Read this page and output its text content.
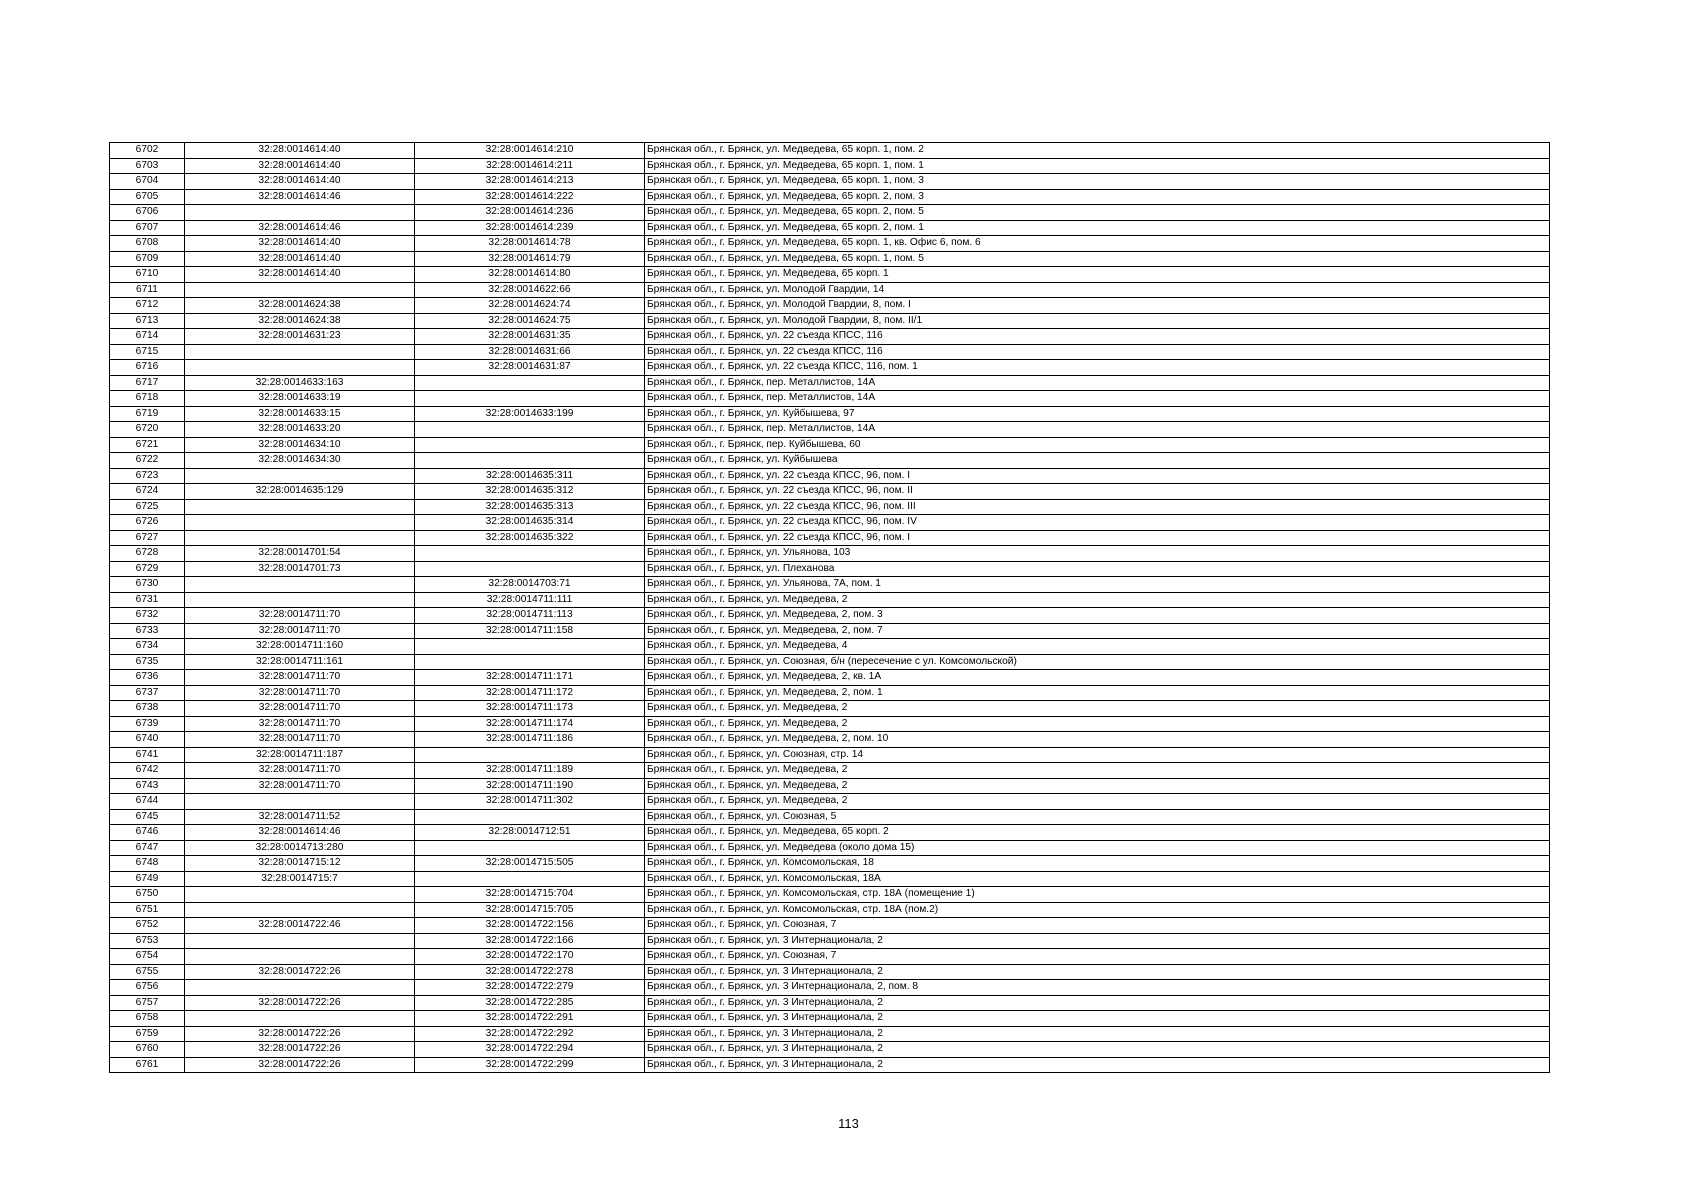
6702	32:28:0014614:40	32:28:0014614:210	Брянская обл., г. Брянск, ул. Медведева, 65 корп. 1, пом. 2
6703	32:28:0014614:40	32:28:0014614:211	Брянская обл., г. Брянск, ул. Медведева, 65 корп. 1, пом. 1
6704	32:28:0014614:40	32:28:0014614:213	Брянская обл., г. Брянск, ул. Медведева, 65 корп. 1, пом. 3
6705	32:28:0014614:46	32:28:0014614:222	Брянская обл., г. Брянск, ул. Медведева, 65 корп. 2, пом. 3
6706		32:28:0014614:236	Брянская обл., г. Брянск, ул. Медведева, 65 корп. 2, пом. 5
6707	32:28:0014614:46	32:28:0014614:239	Брянская обл., г. Брянск, ул. Медведева, 65 корп. 2, пом. 1
6708	32:28:0014614:40	32:28:0014614:78	Брянская обл., г. Брянск, ул. Медведева, 65 корп. 1, кв. Офис 6, пом. 6
6709	32:28:0014614:40	32:28:0014614:79	Брянская обл., г. Брянск, ул. Медведева, 65 корп. 1, пом. 5
6710	32:28:0014614:40	32:28:0014614:80	Брянская обл., г. Брянск, ул. Медведева, 65 корп. 1
6711		32:28:0014622:66	Брянская обл., г. Брянск, ул. Молодой Гвардии, 14
6712	32:28:0014624:38	32:28:0014624:74	Брянская обл., г. Брянск, ул. Молодой Гвардии, 8, пом. I
6713	32:28:0014624:38	32:28:0014624:75	Брянская обл., г. Брянск, ул. Молодой Гвардии, 8, пом. II/1
6714	32:28:0014631:23	32:28:0014631:35	Брянская обл., г. Брянск, ул. 22 съезда КПСС, 116
6715		32:28:0014631:66	Брянская обл., г. Брянск, ул. 22 съезда КПСС, 116
6716		32:28:0014631:87	Брянская обл., г. Брянск, ул. 22 съезда КПСС, 116, пом. 1
6717	32:28:0014633:163		Брянская обл., г. Брянск, пер. Металлистов, 14А
6718	32:28:0014633:19		Брянская обл., г. Брянск, пер. Металлистов, 14А
6719	32:28:0014633:15	32:28:0014633:199	Брянская обл., г. Брянск, ул. Куйбышева, 97
6720	32:28:0014633:20		Брянская обл., г. Брянск, пер. Металлистов, 14А
6721	32:28:0014634:10		Брянская обл., г. Брянск, пер. Куйбышева, 60
6722	32:28:0014634:30		Брянская обл., г. Брянск, ул. Куйбышева
6723		32:28:0014635:311	Брянская обл., г. Брянск, ул. 22 съезда КПСС, 96, пом. I
6724	32:28:0014635:129	32:28:0014635:312	Брянская обл., г. Брянск, ул. 22 съезда КПСС, 96, пом. II
6725		32:28:0014635:313	Брянская обл., г. Брянск, ул. 22 съезда КПСС, 96, пом. III
6726		32:28:0014635:314	Брянская обл., г. Брянск, ул. 22 съезда КПСС, 96, пом. IV
6727		32:28:0014635:322	Брянская обл., г. Брянск, ул. 22 съезда КПСС, 96, пом. I
6728	32:28:0014701:54		Брянская обл., г. Брянск, ул. Ульянова, 103
6729	32:28:0014701:73		Брянская обл., г. Брянск, ул. Плеханова
6730		32:28:0014703:71	Брянская обл., г. Брянск, ул. Ульянова, 7А, пом. 1
6731		32:28:0014711:111	Брянская обл., г. Брянск, ул. Медведева, 2
6732	32:28:0014711:70	32:28:0014711:113	Брянская обл., г. Брянск, ул. Медведева, 2, пом. 3
6733	32:28:0014711:70	32:28:0014711:158	Брянская обл., г. Брянск, ул. Медведева, 2, пом. 7
6734	32:28:0014711:160		Брянская обл., г. Брянск, ул. Медведева, 4
6735	32:28:0014711:161		Брянская обл., г. Брянск, ул. Союзная, б/н (пересечение с ул. Комсомольской)
6736	32:28:0014711:70	32:28:0014711:171	Брянская обл., г. Брянск, ул. Медведева, 2, кв. 1А
6737	32:28:0014711:70	32:28:0014711:172	Брянская обл., г. Брянск, ул. Медведева, 2, пом. 1
6738	32:28:0014711:70	32:28:0014711:173	Брянская обл., г. Брянск, ул. Медведева, 2
6739	32:28:0014711:70	32:28:0014711:174	Брянская обл., г. Брянск, ул. Медведева, 2
6740	32:28:0014711:70	32:28:0014711:186	Брянская обл., г. Брянск, ул. Медведева, 2, пом. 10
6741	32:28:0014711:187		Брянская обл., г. Брянск, ул. Союзная, стр. 14
6742	32:28:0014711:70	32:28:0014711:189	Брянская обл., г. Брянск, ул. Медведева, 2
6743	32:28:0014711:70	32:28:0014711:190	Брянская обл., г. Брянск, ул. Медведева, 2
6744		32:28:0014711:302	Брянская обл., г. Брянск, ул. Медведева, 2
6745	32:28:0014711:52		Брянская обл., г. Брянск, ул. Союзная, 5
6746	32:28:0014614:46	32:28:0014712:51	Брянская обл., г. Брянск, ул. Медведева, 65 корп. 2
6747	32:28:0014713:280		Брянская обл., г. Брянск, ул. Медведева (около дома 15)
6748	32:28:0014715:12	32:28:0014715:505	Брянская обл., г. Брянск, ул. Комсомольская, 18
6749	32:28:0014715:7		Брянская обл., г. Брянск, ул. Комсомольская, 18А
6750		32:28:0014715:704	Брянская обл., г. Брянск, ул. Комсомольская, стр. 18А (помещение 1)
6751		32:28:0014715:705	Брянская обл., г. Брянск, ул. Комсомольская, стр. 18А (пом.2)
6752	32:28:0014722:46	32:28:0014722:156	Брянская обл., г. Брянск, ул. Союзная, 7
6753		32:28:0014722:166	Брянская обл., г. Брянск, ул. 3 Интернационала, 2
6754		32:28:0014722:170	Брянская обл., г. Брянск, ул. Союзная, 7
6755	32:28:0014722:26	32:28:0014722:278	Брянская обл., г. Брянск, ул. 3 Интернационала, 2
6756		32:28:0014722:279	Брянская обл., г. Брянск, ул. 3 Интернационала, 2, пом. 8
6757	32:28:0014722:26	32:28:0014722:285	Брянская обл., г. Брянск, ул. 3 Интернационала, 2
6758		32:28:0014722:291	Брянская обл., г. Брянск, ул. 3 Интернационала, 2
6759	32:28:0014722:26	32:28:0014722:292	Брянская обл., г. Брянск, ул. 3 Интернационала, 2
6760	32:28:0014722:26	32:28:0014722:294	Брянская обл., г. Брянск, ул. 3 Интернационала, 2
6761	32:28:0014722:26	32:28:0014722:299	Брянская обл., г. Брянск, ул. 3 Интернационала, 2
113
